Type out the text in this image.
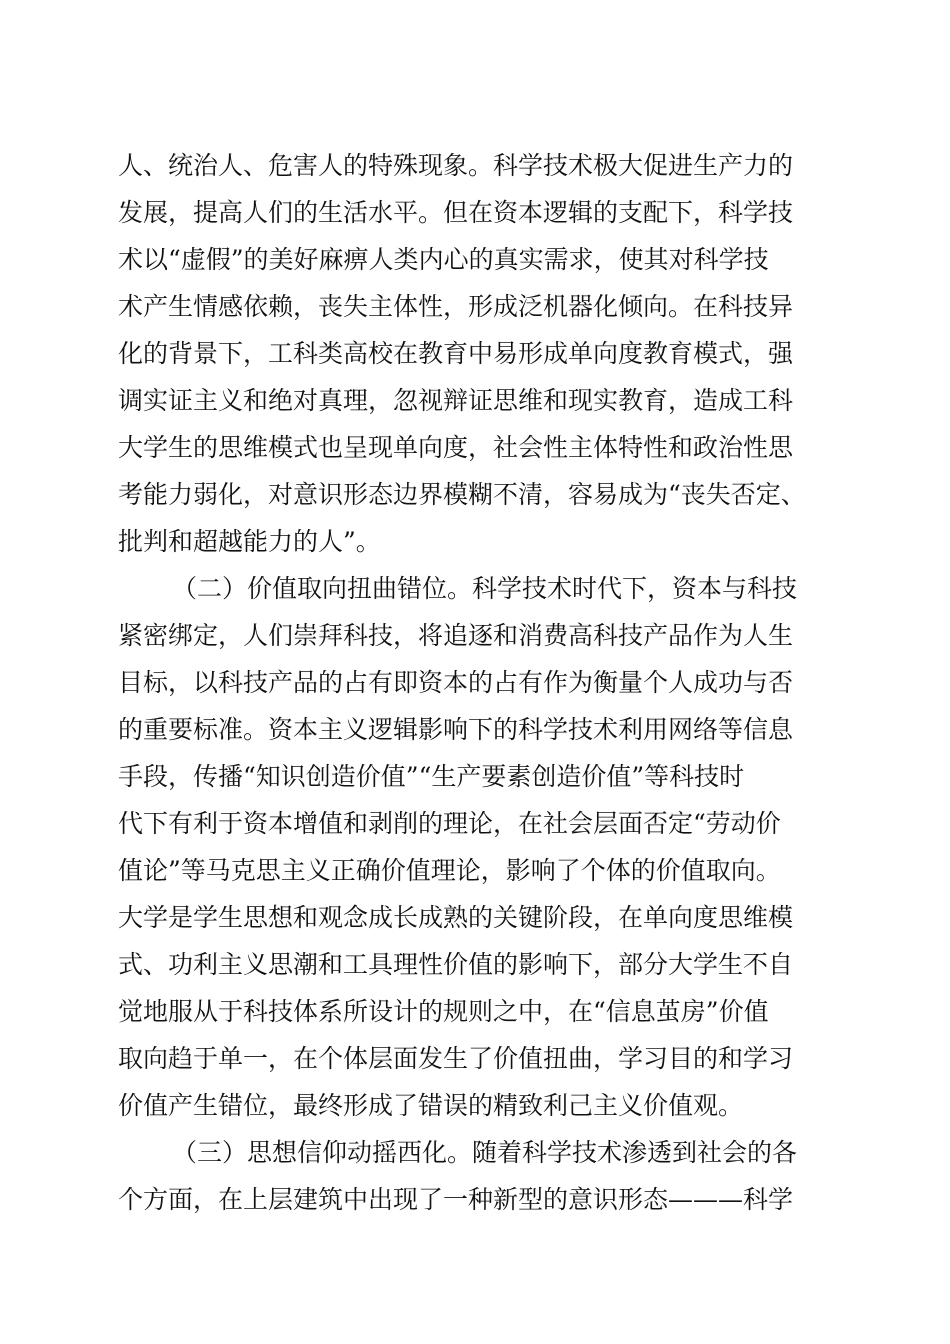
人、统治人、危害人的特殊现象。科学技术极大促进生产力的
发展，提高人们的生活水平。但在资本逻辑的支配下，科学技
术以“虚假”的美好麻痹人类内心的真实需求，使其对科学技
术产生情感依赖，丧失主体性，形成泛机器化倾向。在科技异
化的背景下，工科类高校在教育中易形成单向度教育模式，强
调实证主义和绝对真理，忽视辩证思维和现实教育，造成工科
大学生的思维模式也呈现单向度，社会性主体特性和政治性思
考能力弱化，对意识形态边界模糊不清，容易成为“丧失否定、
批判和超越能力的人”。
（二）价值取向扭曲错位。科学技术时代下，资本与科技
紧密绑定，人们崇拜科技，将追逐和消费高科技产品作为人生
目标，以科技产品的占有即资本的占有作为衡量个人成功与否
的重要标准。资本主义逻辑影响下的科学技术利用网络等信息
手段，传播“知识创造价值”“生产要素创造价值”等科技时
代下有利于资本增值和剥削的理论，在社会层面否定“劳动价
值论”等马克思主义正确价值理论，影响了个体的价值取向。
大学是学生思想和观念成长成熟的关键阶段，在单向度思维模
式、功利主义思潮和工具理性价值的影响下，部分大学生不自
觉地服从于科技体系所设计的规则之中，在“信息茧房”价值
取向趋于单一，在个体层面发生了价值扭曲，学习目的和学习
价值产生错位，最终形成了错误的精致利己主义价值观。
（三）思想信仰动摇西化。随着科学技术渗透到社会的各
个方面，在上层建筑中出现了一种新型的意识形态———科学
